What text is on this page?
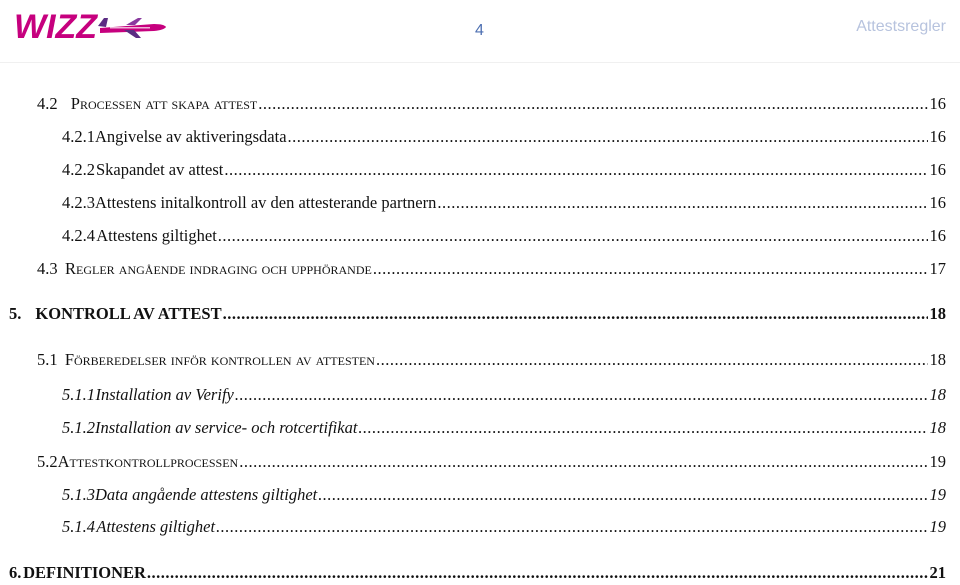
WIZZ	4	Attestsregler
4.2 Processen att skapa attest .....	16
4.2.1 Angivelse av aktiveringsdata .....	16
4.2.2 Skapandet av attest .....	16
4.2.3 Attestens initalkontroll av den attesterande partnern .....	16
4.2.4 Attestens giltighet .....	16
4.3 Regler angående indraging och upphörande .....	17
5. KONTROLL AV ATTEST .....	18
5.1 Förberedelser inför kontrollen av attesten .....	18
5.1.1 Installation av Verify .....	18
5.1.2 Installation av service- och rotcertifikat .....	18
5.2 Attestkontrollprocessen .....	19
5.1.3 Data angående attestens giltighet .....	19
5.1.4 Attestens giltighet .....	19
6. DEFINITIONER .....	21
